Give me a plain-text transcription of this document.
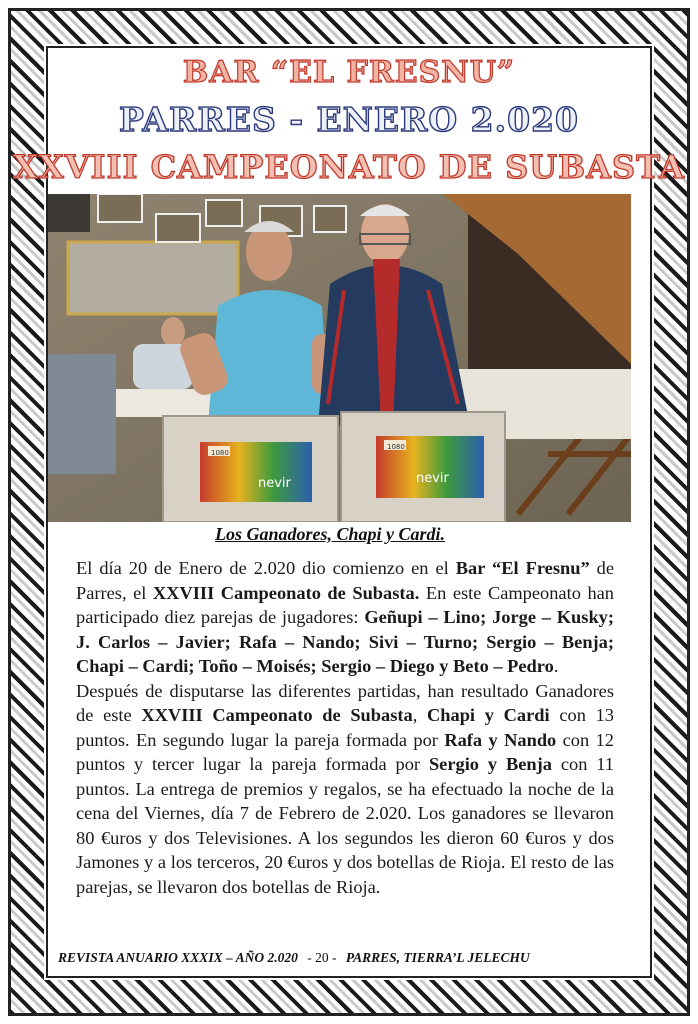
BAR “EL FRESNU”
PARRES - ENERO 2.020
XXVIII CAMPEONATO DE SUBASTA
nevir	nevir
1080
1080
Los Ganadores, Chapi y Cardi.

El día 20 de Enero de 2.020 dio comienzo en el Bar “El Fresnu” de Parres, el XXVIII Campeonato de Subasta. En este Campeonato han participado diez parejas de jugadores: Geñupi – Lino; Jorge – Kusky; J. Carlos – Javier; Rafa – Nando; Sivi – Turno; Sergio – Benja; Chapi – Cardi; Toño – Moisés; Sergio – Diego y Beto – Pedro.

Después de disputarse las diferentes partidas, han resultado Ganadores de este XXVIII Campeonato de Subasta, Chapi y Cardi con 13 puntos. En segundo lugar la pareja formada por Rafa y Nando con 12 puntos y tercer lugar la pareja formada por Sergio y Benja con 11 puntos. La entrega de premios y regalos, se ha efectuado la noche de la cena del Viernes, día 7 de Febrero de 2.020. Los ganadores se llevaron 80 €uros y dos Televisiones. A los segundos les dieron 60 €uros y dos Jamones y a los terceros, 20 €uros y dos botellas de Rioja. El resto de las parejas, se llevaron dos botellas de Rioja.

REVISTA ANUARIO XXXIX – AÑO 2.020 - 20 - PARRES, TIERRA’L JELECHU
